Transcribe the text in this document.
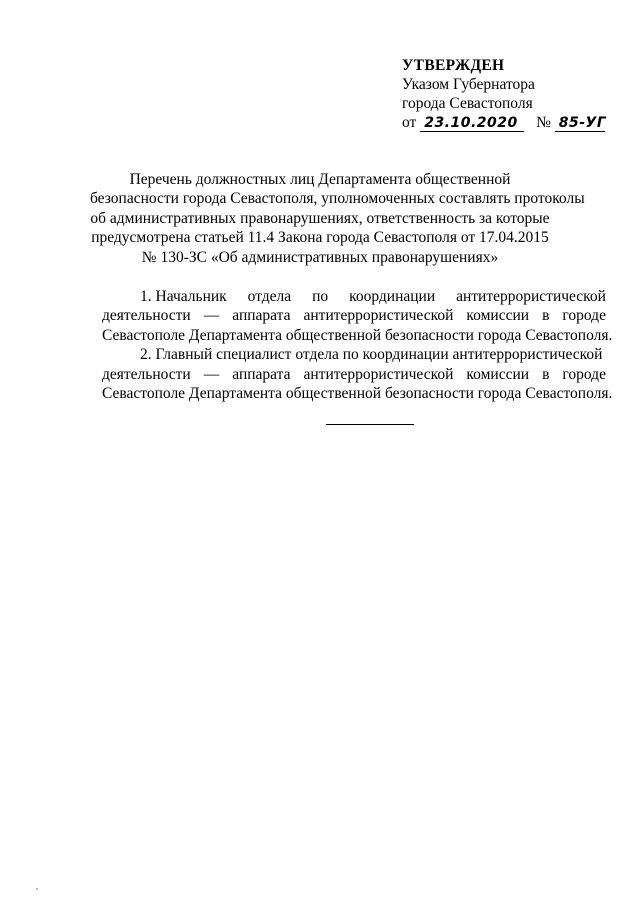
УТВЕРЖДЕН
Указом Губернатора
города Севастополя
от 23.10.2020 № 85-УГ
Перечень должностных лиц Департамента общественной
безопасности города Севастополя, уполномоченных составлять протоколы
об административных правонарушениях, ответственность за которые
предусмотрена статьей 11.4 Закона города Севастополя от 17.04.2015
№ 130-ЗС «Об административных правонарушениях»
1. Начальник отдела по координации антитеррористической
деятельности — аппарата антитеррористической комиссии в городе
Севастополе Департамента общественной безопасности города Севастополя.
2. Главный специалист отдела по координации антитеррористической
деятельности — аппарата антитеррористической комиссии в городе
Севастополе Департамента общественной безопасности города Севастополя.
